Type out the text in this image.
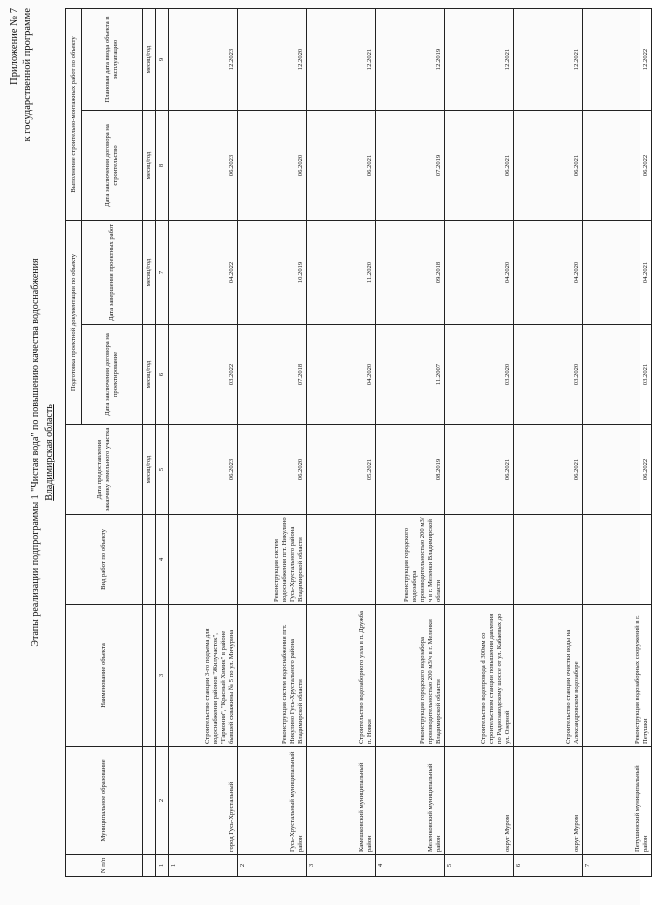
Приложение № 7 к государственной программе
Этапы реализации подпрограммы 1 "Чистая вода" по повышению качества водоснабжения Владимирская область
N п/п	Муниципальное образование	Наименование объекта	Вид работ по объекту	Дата предоставления заказчику земельного участка	Подготовка проектной документации по объекту		Выполнение строительно-монтажных работ по объекту	
					Дата заключения договора на проектирование	Дата завершения проектных работ	Дата заключения договора на строительство	Плановая дата ввода объекта в эксплуатацию
				месяц/год	месяц/год	месяц/год	месяц/год	месяц/год
1	2	3	4	5	6	7	8	9
1	город Гусь-Хрустальный	Строительство станции 3-го подъема для водоснабжения районов "Жилучасток", "Гармония", "Красный Химик" в районе бывшей скважины № 5 по ул. Мичурина		06.2023	03.2022	04.2022	06.2023	12.2023
2	Гусь-Хрустальный муниципальный район	Реконструкция систем водоснабжения пгт. Никулино Гусь-Хрустального района Владимирской области	Реконструкция систем водоснабжения пгт. Никулино Гусь-Хрустального района Владимирской области	06.2020	07.2018	10.2019	06.2020	12.2020
3	Камешковский муниципальный район	Строительство водозаборного узла в п. Дружба п. Новки		05.2021	04.2020	11.2020	06.2021	12.2021
4	Меленковский муниципальный район	Реконструкция городского водозабора производительностью 200 м3/ч в г. Меленки Владимирской области	Реконструкция городского водозабора производительностью 200 м3/ч в г. Меленки Владимирской области	08.2019	11.2007	09.2018	07.2019	12.2019
5	округ Муром	Строительство водопровода d 300мм со строительством станции повышения давления по Радиозаводскому шоссе от ул. Кабаевых до ул. Озерной		06.2021	03.2020	04.2020	06.2021	12.2021
6	округ Муром	Строительство станции очистки воды на Александровском водозаборе		06.2021	03.2020	04.2020	06.2021	12.2021
7	Петушинский муниципальный район	Реконструкция водозаборных сооружений в г. Петушки		06.2022	03.2021	04.2021	06.2022	12.2022
